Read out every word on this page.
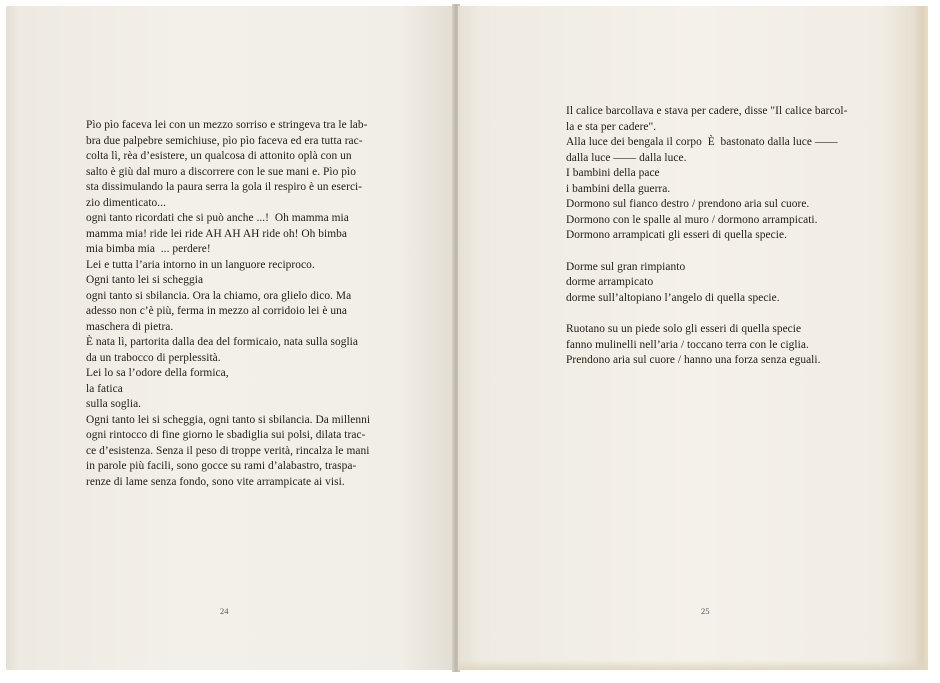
Pìo pìo faceva lei con un mezzo sorriso e stringeva tra le lab-
bra due palpebre semichiuse, pìo pìo faceva ed era tutta rac-
colta lì, rèa d’esistere, un qualcosa di attonito oplà con un
salto è giù dal muro a discorrere con le sue mani e. Pìo pìo
sta dissimulando la paura serra la gola il respiro è un eserci-
zio dimenticato...
ogni tanto ricordati che si può anche ...!  Oh mamma mia
mamma mia! ride lei ride AH AH AH ride oh! Oh bimba
mia bimba mia  ... perdere!
Lei e tutta l’aria intorno in un languore reciproco.
Ogni tanto lei si scheggia
ogni tanto si sbilancia. Ora la chiamo, ora glielo dico. Ma
adesso non c’è più, ferma in mezzo al corridoio lei è una
maschera di pietra.
È nata lì, partorita dalla dea del formicaio, nata sulla soglia
da un trabocco di perplessità.
Lei lo sa l’odore della formica,
la fatica
sulla soglia.
Ogni tanto lei si scheggia, ogni tanto si sbilancia. Da millenni
ogni rintocco di fine giorno le sbadiglia sui polsi, dilata trac-
ce d’esistenza. Senza il peso di troppe verità, rincalza le mani
in parole più facili, sono gocce su rami d’alabastro, traspa-
renze di lame senza fondo, sono vite arrampicate ai visi.
24
Il calice barcollava e stava per cadere, disse "Il calice barcol-
la e sta per cadere".
Alla luce dei bengala il corpo  È  bastonato dalla luce ——
dalla luce —— dalla luce.
I bambini della pace
i bambini della guerra.
Dormono sul fianco destro / prendono aria sul cuore.
Dormono con le spalle al muro / dormono arrampicati.
Dormono arrampicati gli esseri di quella specie.
Dorme sul gran rimpianto
dorme arrampicato
dorme sull’altopiano l’angelo di quella specie.
Ruotano su un piede solo gli esseri di quella specie
fanno mulinelli nell’aria / toccano terra con le ciglia.
Prendono aria sul cuore / hanno una forza senza eguali.
25
